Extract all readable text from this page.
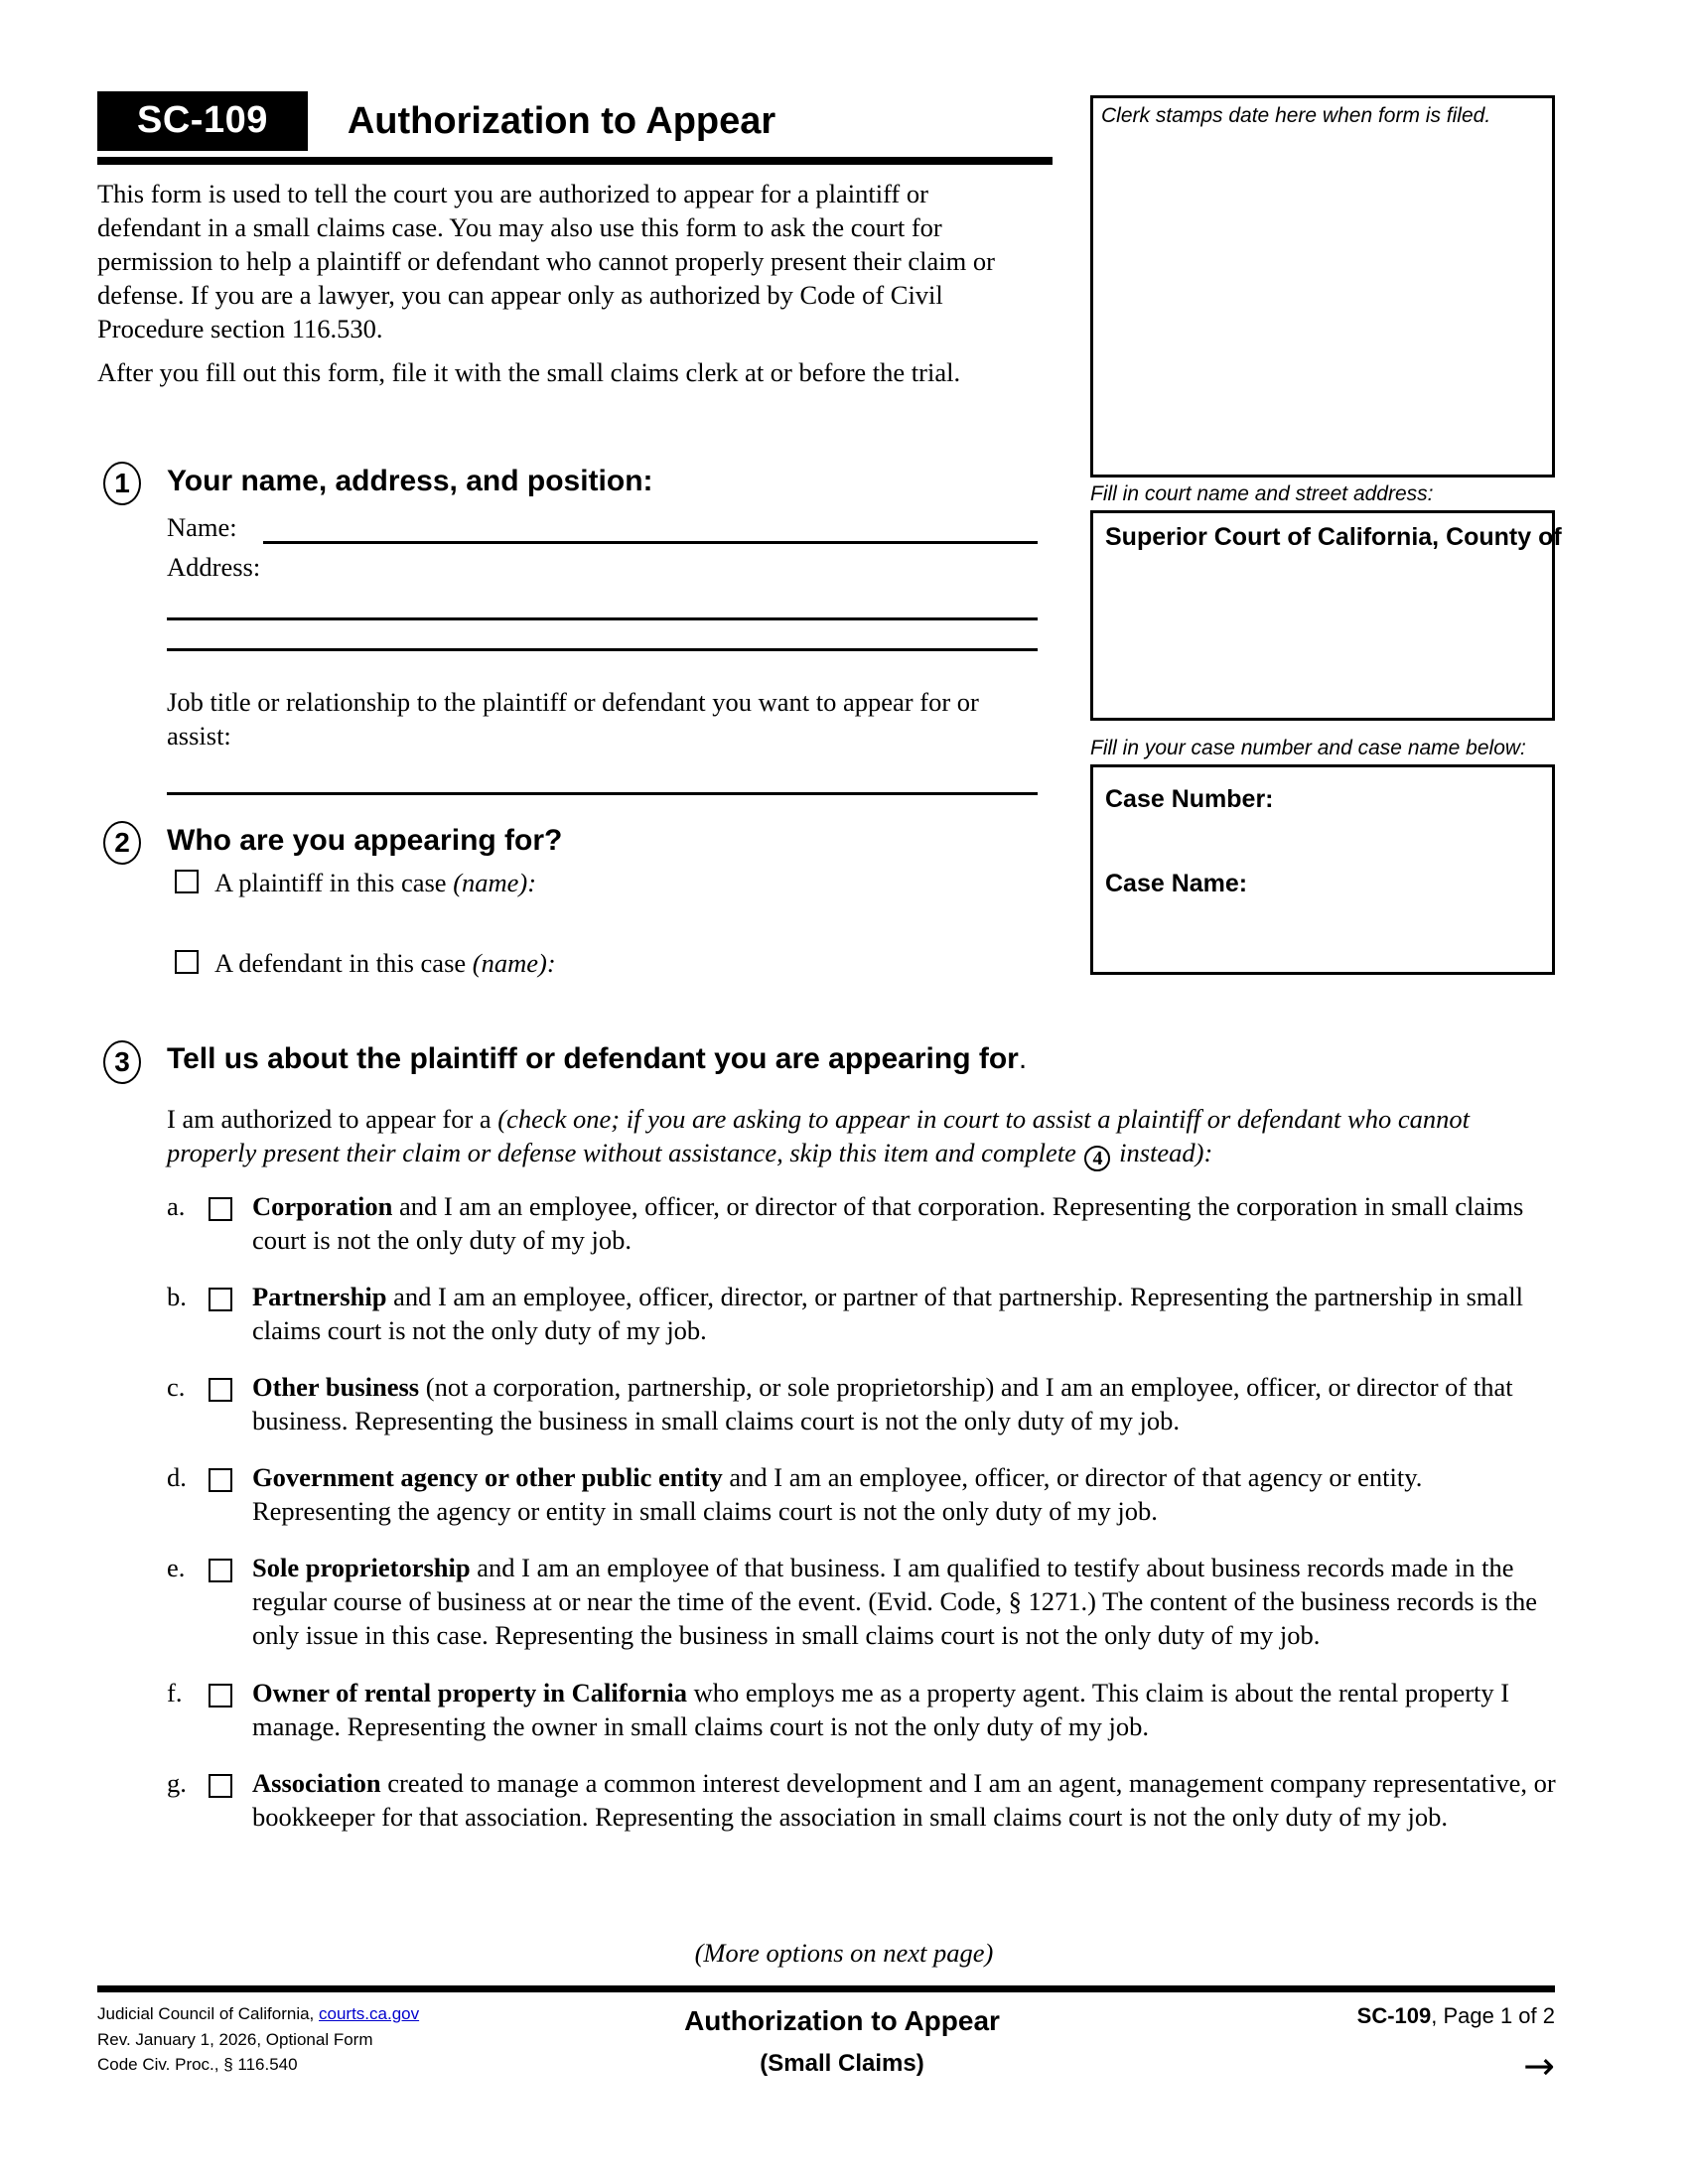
SC-109 Authorization to Appear

This form is used to tell the court you are authorized to appear for a plaintiff or defendant in a small claims case. You may also use this form to ask the court for permission to help a plaintiff or defendant who cannot properly present their claim or defense. If you are a lawyer, you can appear only as authorized by Code of Civil Procedure section 116.530.

After you fill out this form, file it with the small claims clerk at or before the trial.

Clerk stamps date here when form is filed.
Fill in court name and street address:
Superior Court of California, County of
Fill in your case number and case name below:
Case Number:
Case Name:
1	Your name, address, and position:
Name:
Address:
Job title or relationship to the plaintiff or defendant you want to appear for or assist:
2	Who are you appearing for?
A plaintiff in this case (name):
A defendant in this case (name):
3	Tell us about the plaintiff or defendant you are appearing for.
I am authorized to appear for a (check one; if you are asking to appear in court to assist a plaintiff or defendant who cannot properly present their claim or defense without assistance, skip this item and complete 4 instead):
a.	Corporation and I am an employee, officer, or director of that corporation. Representing the corporation in small claims court is not the only duty of my job.
b.	Partnership and I am an employee, officer, director, or partner of that partnership. Representing the partnership in small claims court is not the only duty of my job.
c.	Other business (not a corporation, partnership, or sole proprietorship) and I am an employee, officer, or director of that business. Representing the business in small claims court is not the only duty of my job.
d.	Government agency or other public entity and I am an employee, officer, or director of that agency or entity. Representing the agency or entity in small claims court is not the only duty of my job.
e.	Sole proprietorship and I am an employee of that business. I am qualified to testify about business records made in the regular course of business at or near the time of the event. (Evid. Code, § 1271.) The content of the business records is the only issue in this case. Representing the business in small claims court is not the only duty of my job.
f.	Owner of rental property in California who employs me as a property agent. This claim is about the rental property I manage. Representing the owner in small claims court is not the only duty of my job.
g.	Association created to manage a common interest development and I am an agent, management company representative, or bookkeeper for that association. Representing the association in small claims court is not the only duty of my job.
(More options on next page)
Judicial Council of California, courts.ca.gov
Rev. January 1, 2026, Optional Form
Code Civ. Proc., § 116.540
Authorization to Appear
(Small Claims)
SC-109, Page 1 of 2
→
